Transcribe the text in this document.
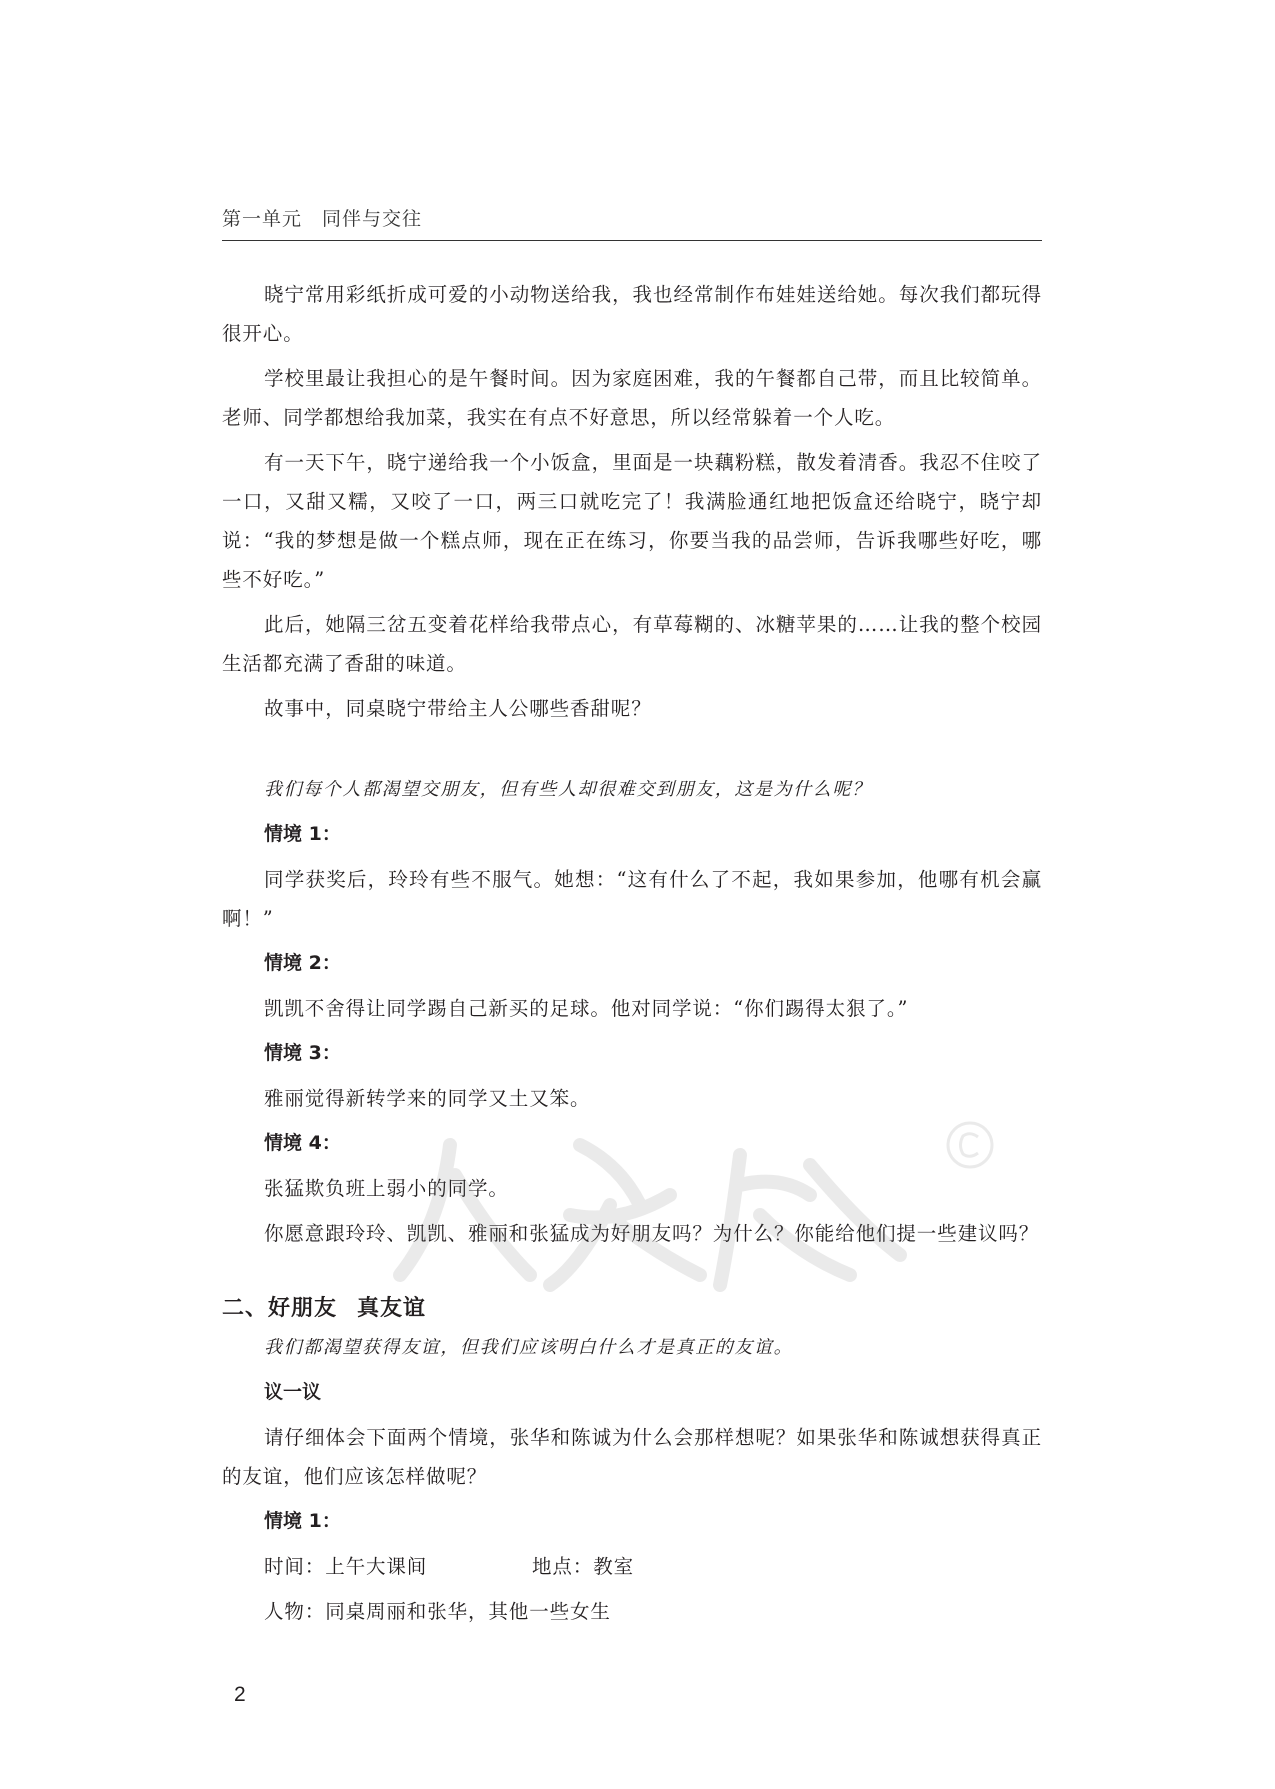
第一单元　同伴与交往

晓宁常用彩纸折成可爱的小动物送给我，我也经常制作布娃娃送给她。每次我们都玩得很开心。

学校里最让我担心的是午餐时间。因为家庭困难，我的午餐都自己带，而且比较简单。老师、同学都想给我加菜，我实在有点不好意思，所以经常躲着一个人吃。

有一天下午，晓宁递给我一个小饭盒，里面是一块藕粉糕，散发着清香。我忍不住咬了一口，又甜又糯，又咬了一口，两三口就吃完了！我满脸通红地把饭盒还给晓宁，晓宁却说：“我的梦想是做一个糕点师，现在正在练习，你要当我的品尝师，告诉我哪些好吃，哪些不好吃。”

此后，她隔三岔五变着花样给我带点心，有草莓糊的、冰糖苹果的……让我的整个校园生活都充满了香甜的味道。

故事中，同桌晓宁带给主人公哪些香甜呢？

我们每个人都渴望交朋友，但有些人却很难交到朋友，这是为什么呢？

情境 1：

同学获奖后，玲玲有些不服气。她想：“这有什么了不起，我如果参加，他哪有机会赢啊！”

情境 2：

凯凯不舍得让同学踢自己新买的足球。他对同学说：“你们踢得太狠了。”

情境 3：

雅丽觉得新转学来的同学又土又笨。

情境 4：

张猛欺负班上弱小的同学。

你愿意跟玲玲、凯凯、雅丽和张猛成为好朋友吗？为什么？你能给他们提一些建议吗？

二、好朋友 真友谊

我们都渴望获得友谊，但我们应该明白什么才是真正的友谊。

议一议

请仔细体会下面两个情境，张华和陈诚为什么会那样想呢？如果张华和陈诚想获得真正的友谊，他们应该怎样做呢？

情境 1：

时间：上午大课间	地点：教室

人物：同桌周丽和张华，其他一些女生

2
